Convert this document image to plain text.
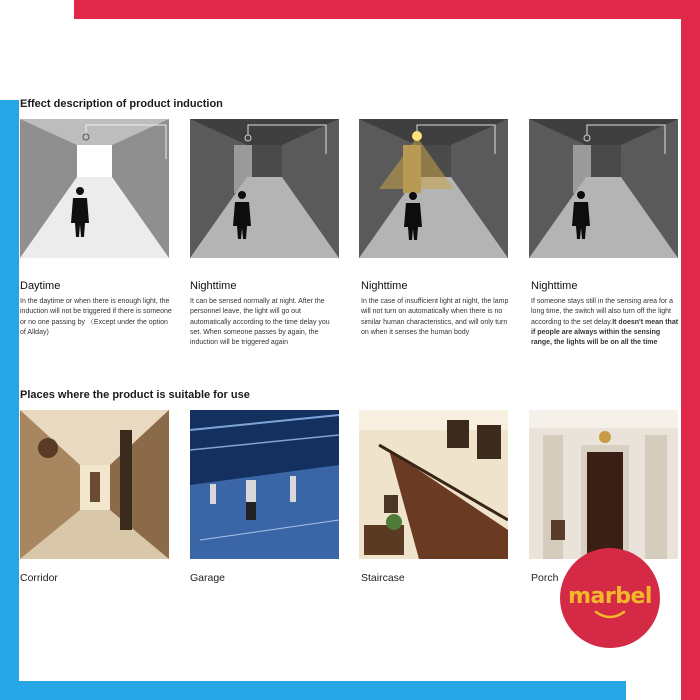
Effect description of product induction
Daytime
In the daytime or when there is enough light, the induction will not be triggered if there is someone or no one passing by （Except under the option of Allday)
Nighttime
It can be sensed normally at night. After the personnel leave, the light will go out automatically according to the time delay you set. When someone passes by again, the induction will be triggered again
Nighttime
In the case of insufficient light at night, the lamp will not turn on automatically when there is no similar human characteristics, and will only turn on when it senses the human body
Nighttime
If someone stays still in the sensing area for a long time, the switch will also turn off the light according to the set delay.It doesn't mean that if people are always within the sensing range, the lights will be on all the time
Places where the product is suitable for use
Corridor	Garage	Staircase	Porch
marbel
